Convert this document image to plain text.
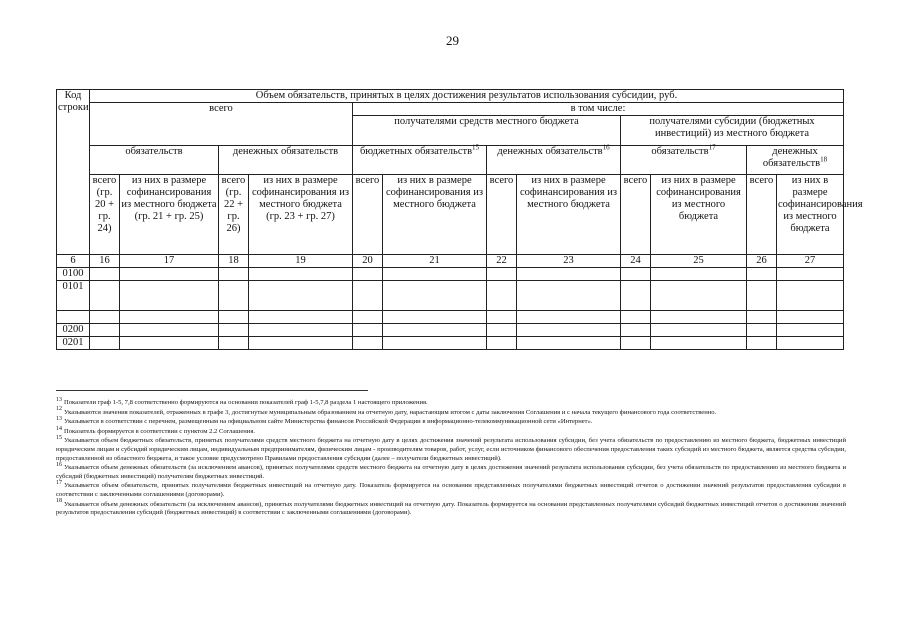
29
Код строки	Объем обязательств, принятых в целях достижения результатов использования субсидии, руб.											
	всего				в том числе:							
					получателями средств местного бюджета				получателями субсидии (бюджетных инвестиций) из местного бюджета			
	обязательств		денежных обязательств		бюджетных обязательств$^{15}$		денежных обязательств$^{16}$		обязательств$^{17}$		денежных обязательств$^{18}$
	всего (гр. 20 + гр. 24)	из них в размере софинансирования из местного бюджета (гр. 21 + гр. 25)	всего (гр. 22 + гр. 26)	из них в размере софинансирования из местного бюджета (гр. 23 + гр. 27)	всего	из них в размере софинансирования из местного бюджета	всего	из них в размере софинансирования из местного бюджета	всего	из них в размере софинансирования из местного бюджета	всего	из них в размере софинансирования из местного бюджета
6	16	17	18	19	20	21	22	23	24	25	26	27
0100												
0101												

0200												
0201												
$^{13}$ Показатели граф 1-5, 7,8 соответственно формируются на основании показателей граф 1-5,7,8 раздела 1 настоящего приложения.
$^{12}$ Указываются значения показателей, отраженных в графе 3, достигнутые муниципальным образованием на отчетную дату, нарастающим итогом с даты заключения Соглашения и с начала текущего финансового года соответственно.
$^{13}$ Указывается в соответствии с перечнем, размещенным на официальном сайте Министерства финансов Российской Федерации в информационно-телекоммуникационной сети «Интернет».
$^{14}$ Показатель формируется в соответствии с пунктом 2.2 Соглашения.
$^{15}$ Указывается объем бюджетных обязательств, принятых получателями средств местного бюджета на отчетную дату в целях достижения значений результата использования субсидии, без учета обязательств по предоставлению из местного бюджета, бюджетных инвестиций юридическим лицам и субсидий юридическим лицам, индивидуальным предпринимателям, физическим лицам - производителям товаров, работ, услуг, если источником финансового обеспечения предоставления таких субсидий из местного бюджета, является средства субсидии, предоставленной из областного бюджета, и такое условие предусмотрено Правилами предоставления субсидии (далее – получатели бюджетных инвестиций).
$^{16}$ Указывается объем денежных обязательств (за исключением авансов), принятых получателями средств местного бюджета на отчетную дату в целях достижения значений результата использования субсидии, без учета обязательств по предоставлению из местного бюджета и субсидий (бюджетных инвестиций) получателям бюджетных инвестиций.
$^{17}$ Указывается объем обязательств, принятых получателями бюджетных инвестиций на отчетную дату. Показатель формируется на основании представленных получателями бюджетных инвестиций отчетов о достижении значений результатов предоставления субсидии в соответствии с заключенными соглашениями (договорами).
$^{18}$ Указывается объем денежных обязательств (за исключением авансов), принятых получателями бюджетных инвестиций на отчетную дату. Показатель формируется на основании представленных получателями субсидий бюджетных инвестиций отчетов о достижении значений результатов предоставления субсидий (бюджетных инвестиций) в соответствии с заключенными соглашениями (договорами).
